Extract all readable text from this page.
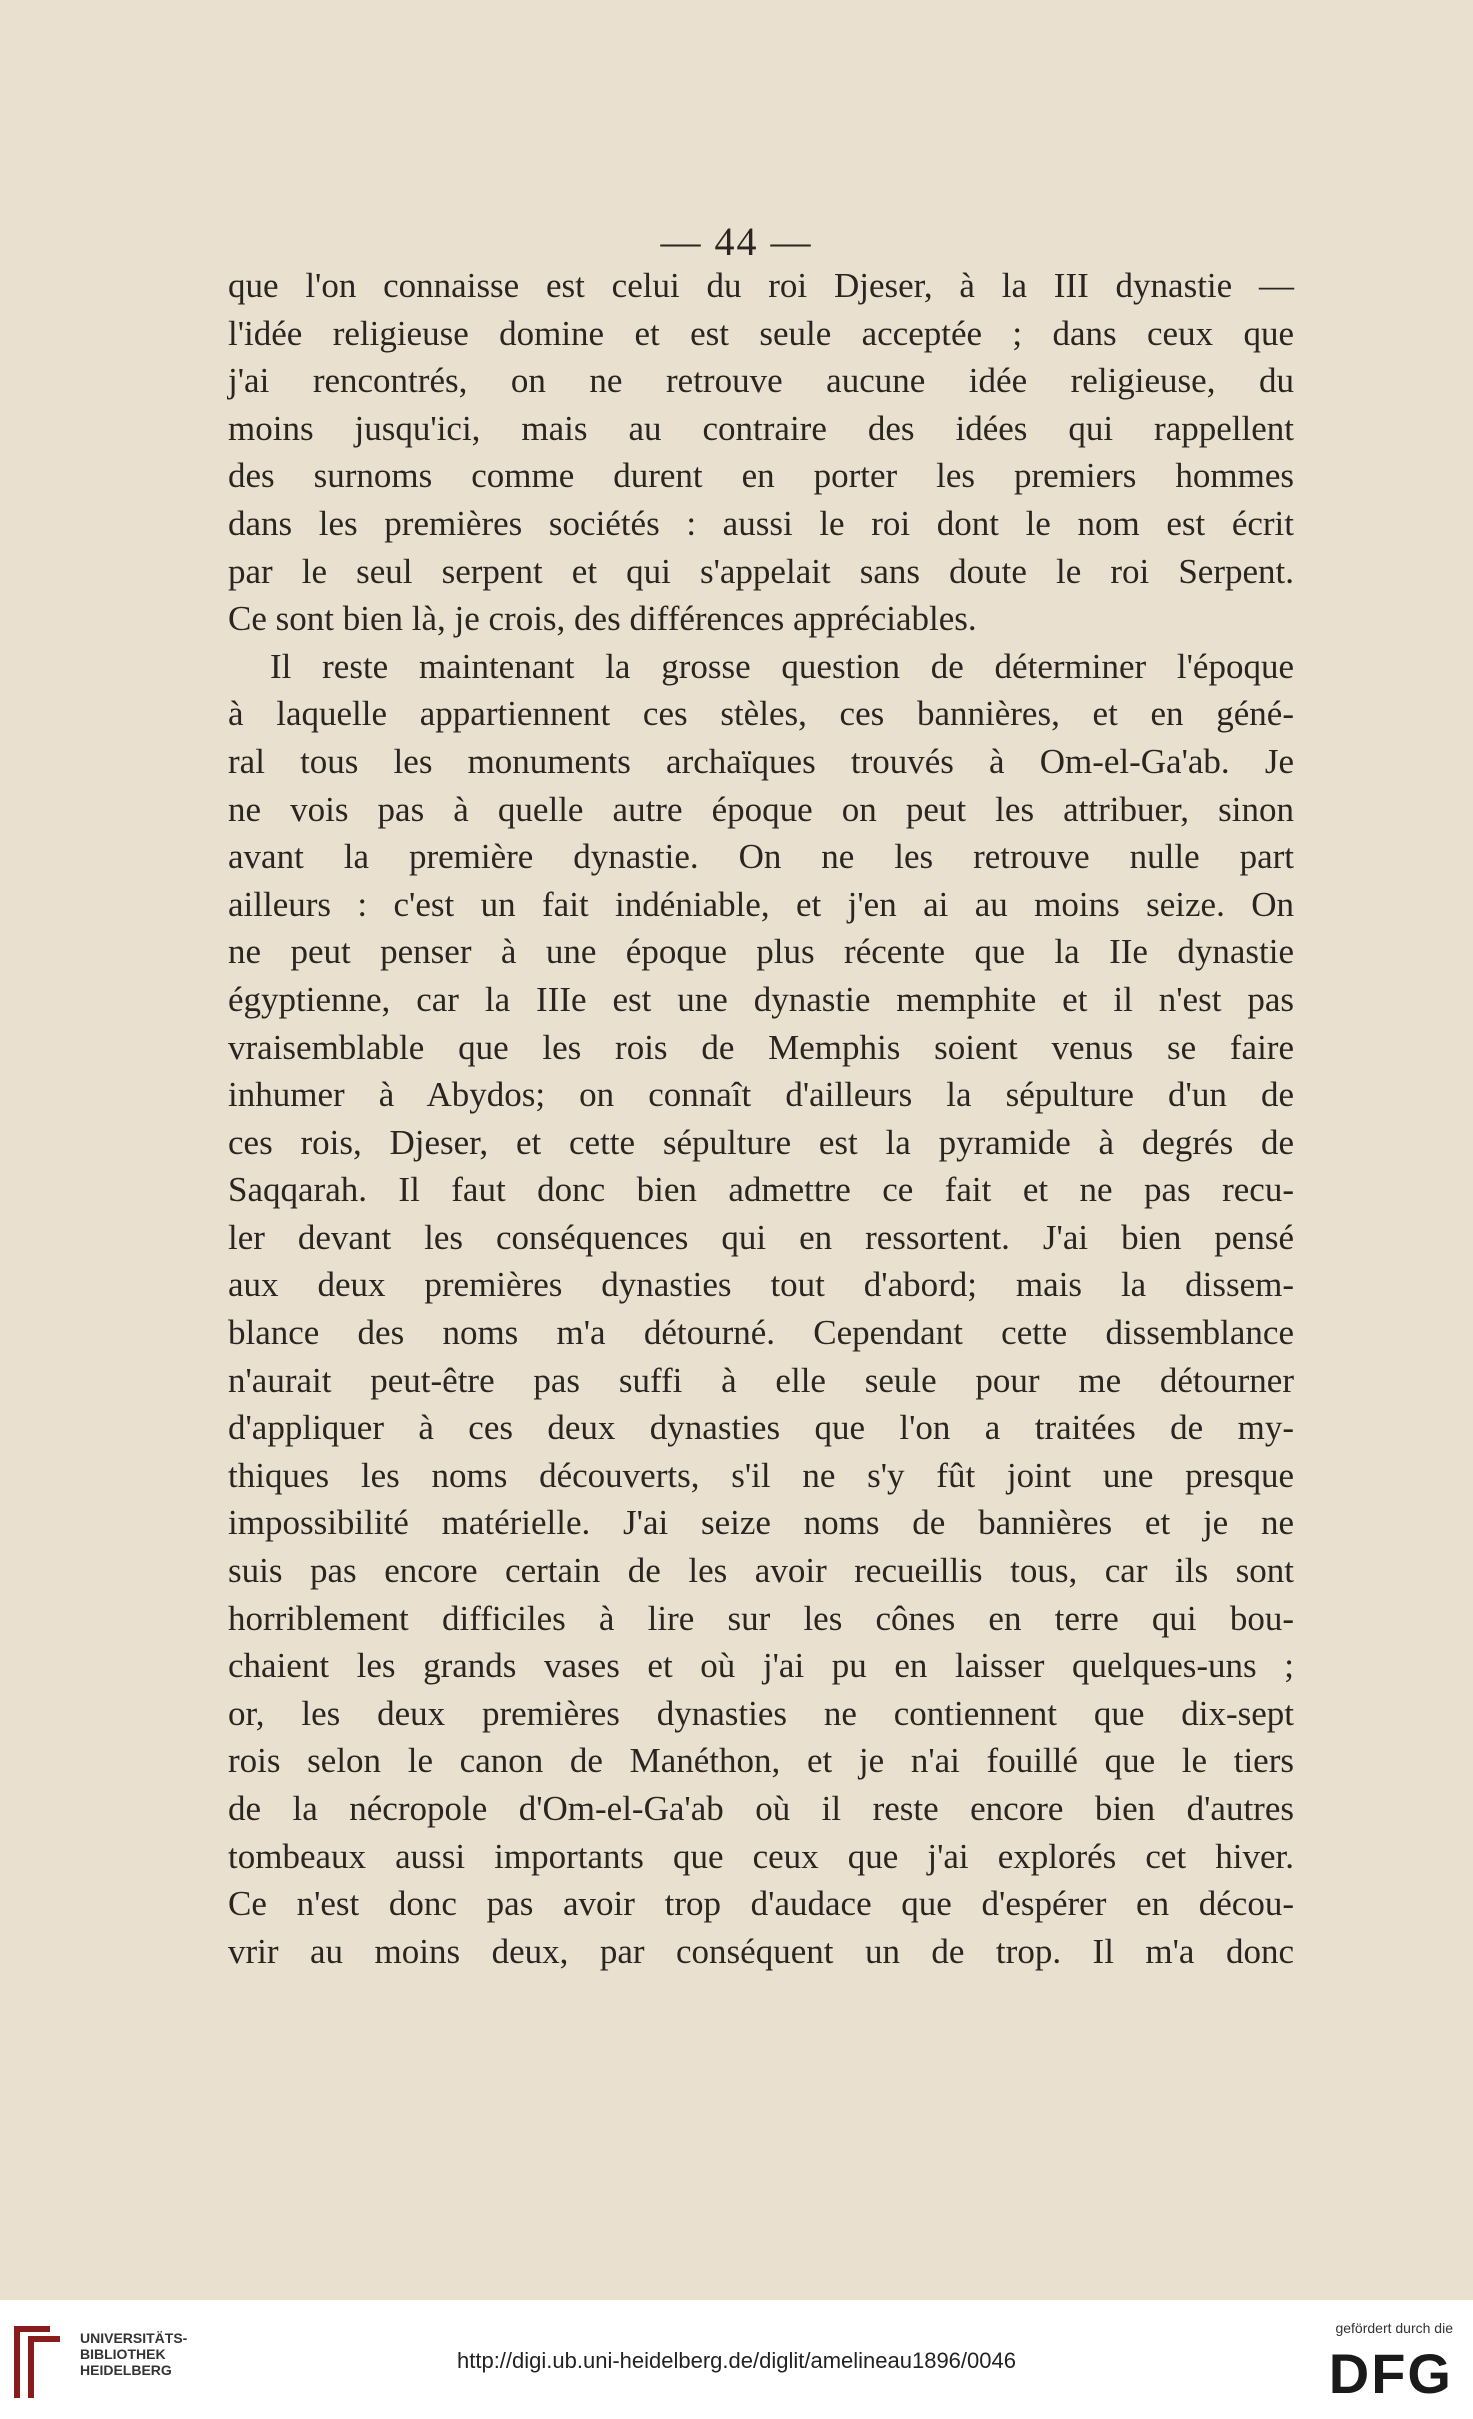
— 44 —
que l'on connaisse est celui du roi Djeser, à la III dynastie —
l'idée religieuse domine et est seule acceptée ; dans ceux que
j'ai rencontrés, on ne retrouve aucune idée religieuse, du
moins jusqu'ici, mais au contraire des idées qui rappellent
des surnoms comme durent en porter les premiers hommes
dans les premières sociétés : aussi le roi dont le nom est écrit
par le seul serpent et qui s'appelait sans doute le roi Serpent.
Ce sont bien là, je crois, des différences appréciables.
Il reste maintenant la grosse question de déterminer l'époque
à laquelle appartiennent ces stèles, ces bannières, et en géné-
ral tous les monuments archaïques trouvés à Om-el-Ga'ab. Je
ne vois pas à quelle autre époque on peut les attribuer, sinon
avant la première dynastie. On ne les retrouve nulle part
ailleurs : c'est un fait indéniable, et j'en ai au moins seize. On
ne peut penser à une époque plus récente que la IIe dynastie
égyptienne, car la IIIe est une dynastie memphite et il n'est pas
vraisemblable que les rois de Memphis soient venus se faire
inhumer à Abydos; on connaît d'ailleurs la sépulture d'un de
ces rois, Djeser, et cette sépulture est la pyramide à degrés de
Saqqarah. Il faut donc bien admettre ce fait et ne pas recu-
ler devant les conséquences qui en ressortent. J'ai bien pensé
aux deux premières dynasties tout d'abord; mais la dissem-
blance des noms m'a détourné. Cependant cette dissemblance
n'aurait peut-être pas suffi à elle seule pour me détourner
d'appliquer à ces deux dynasties que l'on a traitées de my-
thiques les noms découverts, s'il ne s'y fût joint une presque
impossibilité matérielle. J'ai seize noms de bannières et je ne
suis pas encore certain de les avoir recueillis tous, car ils sont
horriblement difficiles à lire sur les cônes en terre qui bou-
chaient les grands vases et où j'ai pu en laisser quelques-uns ;
or, les deux premières dynasties ne contiennent que dix-sept
rois selon le canon de Manéthon, et je n'ai fouillé que le tiers
de la nécropole d'Om-el-Ga'ab où il reste encore bien d'autres
tombeaux aussi importants que ceux que j'ai explorés cet hiver.
Ce n'est donc pas avoir trop d'audace que d'espérer en décou-
vrir au moins deux, par conséquent un de trop. Il m'a donc
UNIVERSITÄTS-
BIBLIOTHEK
HEIDELBERG	http://digi.ub.uni-heidelberg.de/diglit/amelineau1896/0046
gefördert durch die
DFG
